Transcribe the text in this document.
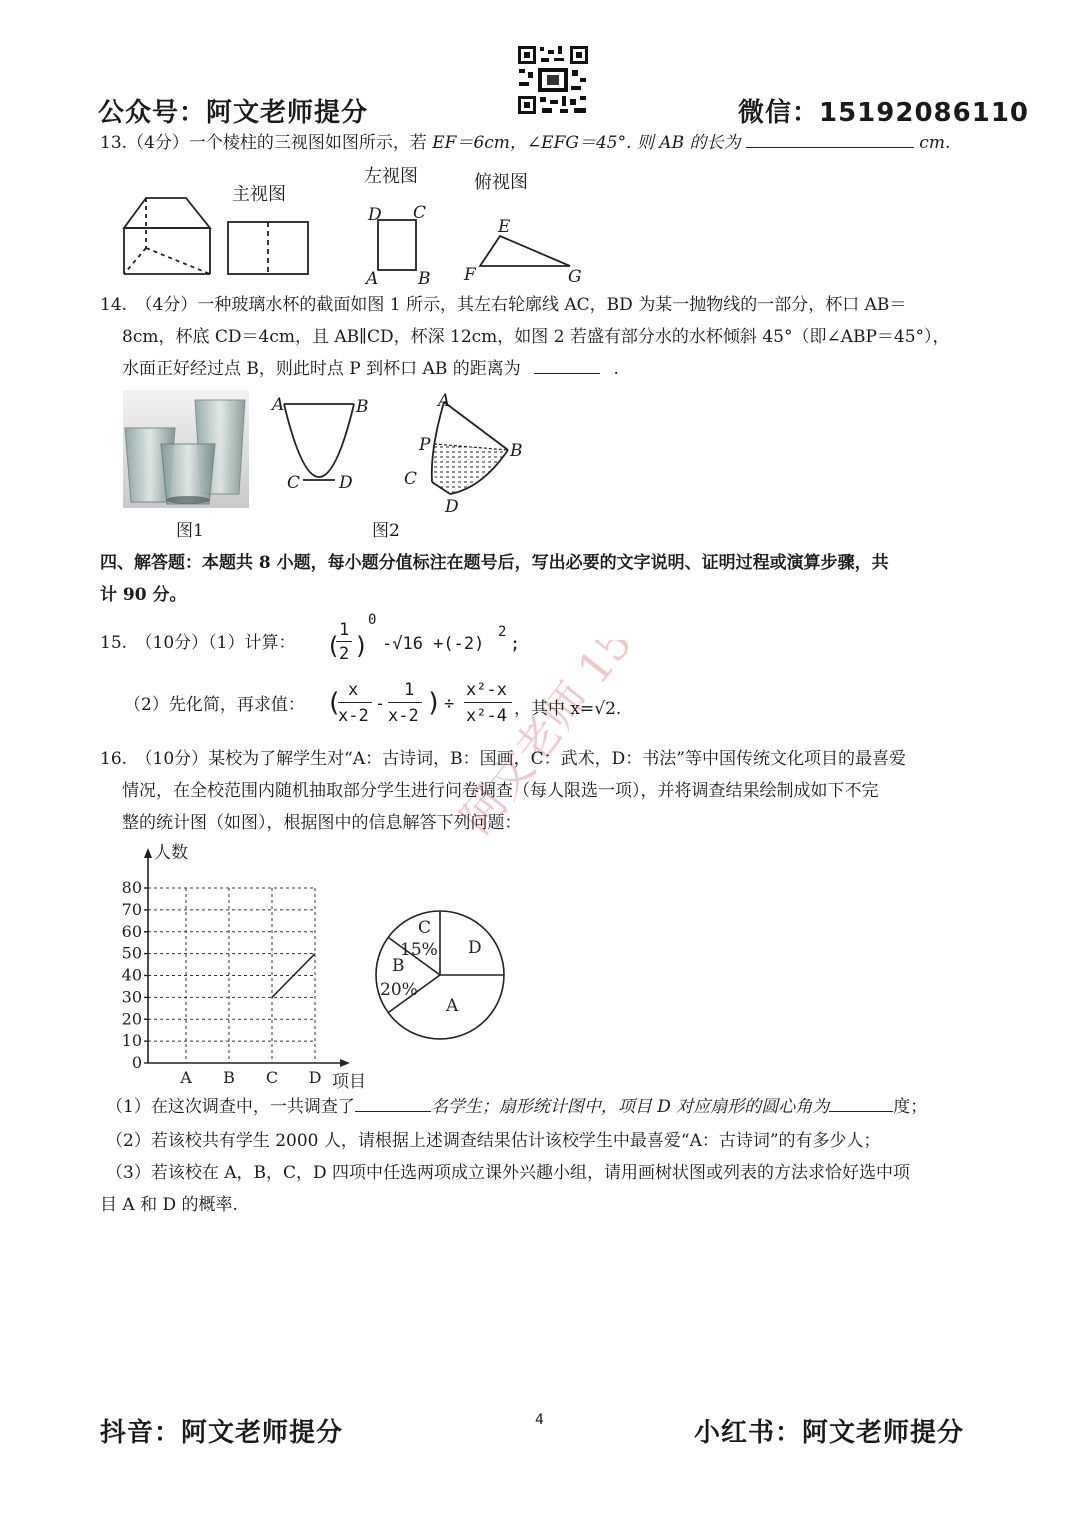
公众号：阿文老师提分	微信：15192086110
13.（4分）一个棱柱的三视图如图所示，若 EF＝6cm，∠EFG＝45°. 则 AB 的长为	cm.
主视图
左视图	俯视图
D C
A B
E
F	G
14.　（4分）一种玻璃水杯的截面如图 1 所示，其左右轮廓线 AC，BD 为某一抛物线的一部分，杯口 AB＝
8cm，杯底 CD＝4cm，且 AB∥CD，杯深 12cm，如图 2 若盛有部分水的水杯倾斜 45°（即∠ABP＝45°），
水面正好经过点 B，则此时点 P 到杯口 AB 的距离为	.
A	B
C D
A
P	B
C
D
图1	图2
四、解答题：本题共 8 小题，每小题分值标注在题号后，写出必要的文字说明、证明过程或演算步骤，共
计 90 分。
15.　（10分）（1）计算： (
1
2 )
0
-√16 +(-2)
2
;
（2）先化简，再求值： ( x
x-2
-
1
x-2 ) ÷
x²-x
x²-4 ，其中 x=√2.
16.　（10分）某校为了解学生对“A：古诗词，B：国画，C：武术，D：书法”等中国传统文化项目的最喜爱
情况，在全校范围内随机抽取部分学生进行问卷调查（每人限选一项），并将调查结果绘制成如下不完
整的统计图（如图），根据图中的信息解答下列问题：
0
10
20
30
40
50
60
70
80
A B C D
人数
项目
A
B
20%
C
15% D
（1）在这次调查中，一共调查了	名学生；扇形统计图中，项目 D 对应扇形的圆心角为	度；
（2）若该校共有学生 2000 人，请根据上述调查结果估计该校学生中最喜爱“A：古诗词”的有多少人；
（3）若该校在 A，B，C，D 四项中任选两项成立课外兴趣小组，请用画树状图或列表的方法求恰好选中项
目 A 和 D 的概率.
抖音：阿文老师提分	4	小红书：阿文老师提分
